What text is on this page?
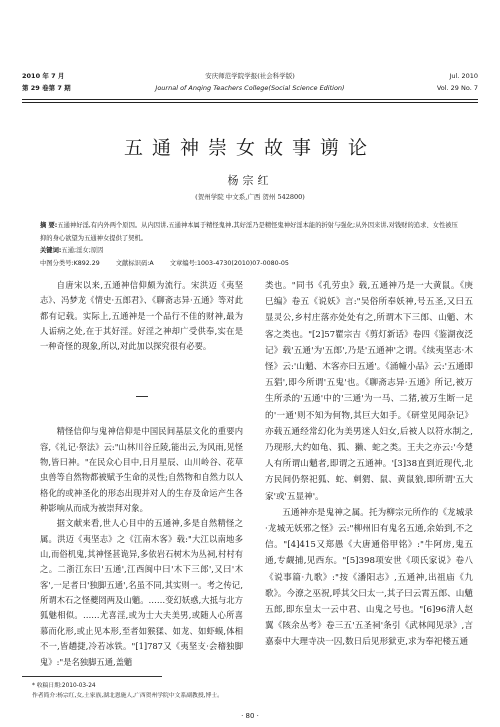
2010 年 7 月
第 29 卷第 7 期
安庆师范学院学报(社会科学版)
Journal of Anqing Teachers College(Social Science Edition)
Jul. 2010
Vol. 29 No. 7
五通神崇女故事谫论
杨宗红
(贺州学院 中文系,广西 贺州 542800)

摘 要:五通神好淫,有内外两个原因。从内因讲,五通神本属于精怪鬼神,其好淫乃是精怪鬼神好淫本能的折射与强化;从外因来讲,对钱财的追求、女性被压抑的身心欲望为五通神女提供了契机。

关键词:五通;淫女;原因

中图分类号:K892.29	文献标识码:A	文章编号:1003-4730(2010)07-0080-05

自唐宋以来,五通神信仰颇为流行。宋洪迈《夷坚志》、冯梦龙《情史·五郎君》、《聊斋志异·五通》等对此都有记载。实际上,五通神是一个品行不佳的财神,最为人诟病之处,在于其好淫。好淫之神却广受供奉,实在是一种奇怪的现象,所以,对此加以探究很有必要。

精怪信仰与鬼神信仰是中国民间基层文化的重要内容,《礼记·祭法》云:"山林川谷丘陵,能出云,为风雨,见怪物,皆曰神。"在民众心目中,日月星辰、山川岭谷、花草虫兽等自然物都被赋予生命的灵性;自然物和自然力以人格化的或神圣化的形态出现并对人的生存及命运产生各种影响从而成为被崇拜对象。

据文献来看,世人心目中的五通神,多是自然精怪之属。洪迈《夷坚志》之《江南木客》载:"大江以南地多山,而俗机鬼,其神怪甚诡异,多依岩石树木为丛祠,村村有之。二浙江东曰'五通',江西闽中曰'木下三郎',又曰'木客',一足者曰'独脚五通',名虽不同,其实则一。考之传记,所谓木石之怪夔罔两及山魈。……变幻妖惑,大抵与北方狐魅相似。……尤喜淫,或为士大夫美男,或随人心所喜慕而化形,或止见本形,至者如猴猱、如龙、如虾蟆,体相不一,皆趫捷,冷若冰铁。"[1]787又《夷坚支·会稽独脚鬼》:"是名独脚五通,盖魈

类也。"同书《孔劳虫》载,五通神乃是一大黄鼠。《庚巳编》卷五《说妖》言:"吴俗所奉妖神,号五圣,又曰五显灵公,乡村庄落亦处处有之,所谓木下三郎、山魈、木客之类也。"[2]57瞿宗吉《剪灯新话》卷四《鉴湖夜泛记》载'五通'为'五郎',乃是'五通神'之谓。《续夷坚志·木怪》云:'山魈、木客亦曰五通'。《涌幢小品》云:'五通即五猖',即今所谓'五鬼'也。《聊斋志异·五通》所记,被万生所杀的'五通'中的'三通'为一马、二猪,被万生断一足的'一通'则不知为何物,其巨大如手。《研堂见闻杂记》亦载五通经常幻化为美男迷人妇女,后被人以符水制之,乃现形,大约如龟、狐、獭、蛇之类。王夫之亦云:'今楚人有所谓山魈者,即谓之五通神。'[3]38直到近现代,北方民间仍祭祀狐、蛇、刺猬、鼠、黄鼠狼,即所谓'五大家'或'五显神'。

五通神亦是鬼神之属。托为柳宗元所作的《龙城录·龙城无妖邪之怪》云:"柳州旧有鬼名五通,余始到,不之信。"[4]415又郑愚《大唐通俗甲铭》:"牛阿房,鬼五通,专觑捕,见西东。"[5]398项安世《项氏家说》卷八《说事篇·九歌》:"按《潘阳志》,五通神,出祖庙《九歌》。今潦之巫祝,呼其父曰太一,其子曰云霄五郎、山魈五郎,即东皇太一云中君、山鬼之号也。"[6]96清人赵翼《陔余丛考》卷三五'五圣祠'条引《武林闻见录》,言嘉泰中大理寺决一囚,数日后见形狱吏,求为奉祀楼五通

* 收稿日期:2010-03-24

作者简介:杨宗红,女,土家族,湖北恩施人,广西贺州学院中文系副教授,博士。

· 80 ·
